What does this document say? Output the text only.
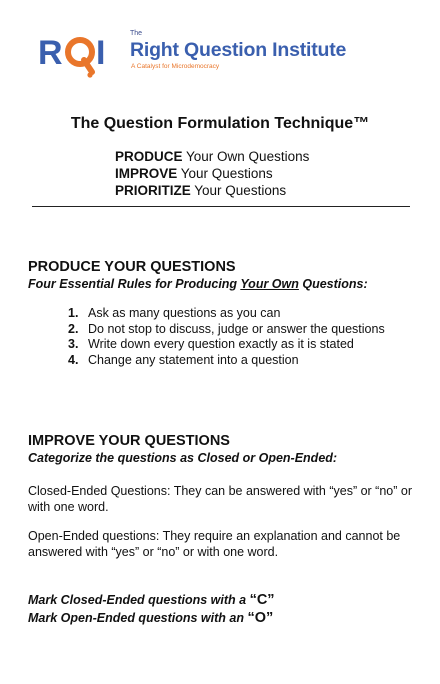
R I
The
Right Question Institute
A Catalyst for Microdemocracy
The Question Formulation Technique™
PRODUCE Your Own Questions
IMPROVE Your Questions
PRIORITIZE Your Questions
PRODUCE YOUR QUESTIONS
Four Essential Rules for Producing Your Own Questions:
1. Ask as many questions as you can
2. Do not stop to discuss, judge or answer the questions
3. Write down every question exactly as it is stated
4. Change any statement into a question
IMPROVE YOUR QUESTIONS
Categorize the questions as Closed or Open-Ended:
Closed-Ended Questions: They can be answered with “yes” or “no” or with one word.
Open-Ended questions: They require an explanation and cannot be answered with “yes” or “no” or with one word.
Mark Closed-Ended questions with a “C”
Mark Open-Ended questions with an “O”
